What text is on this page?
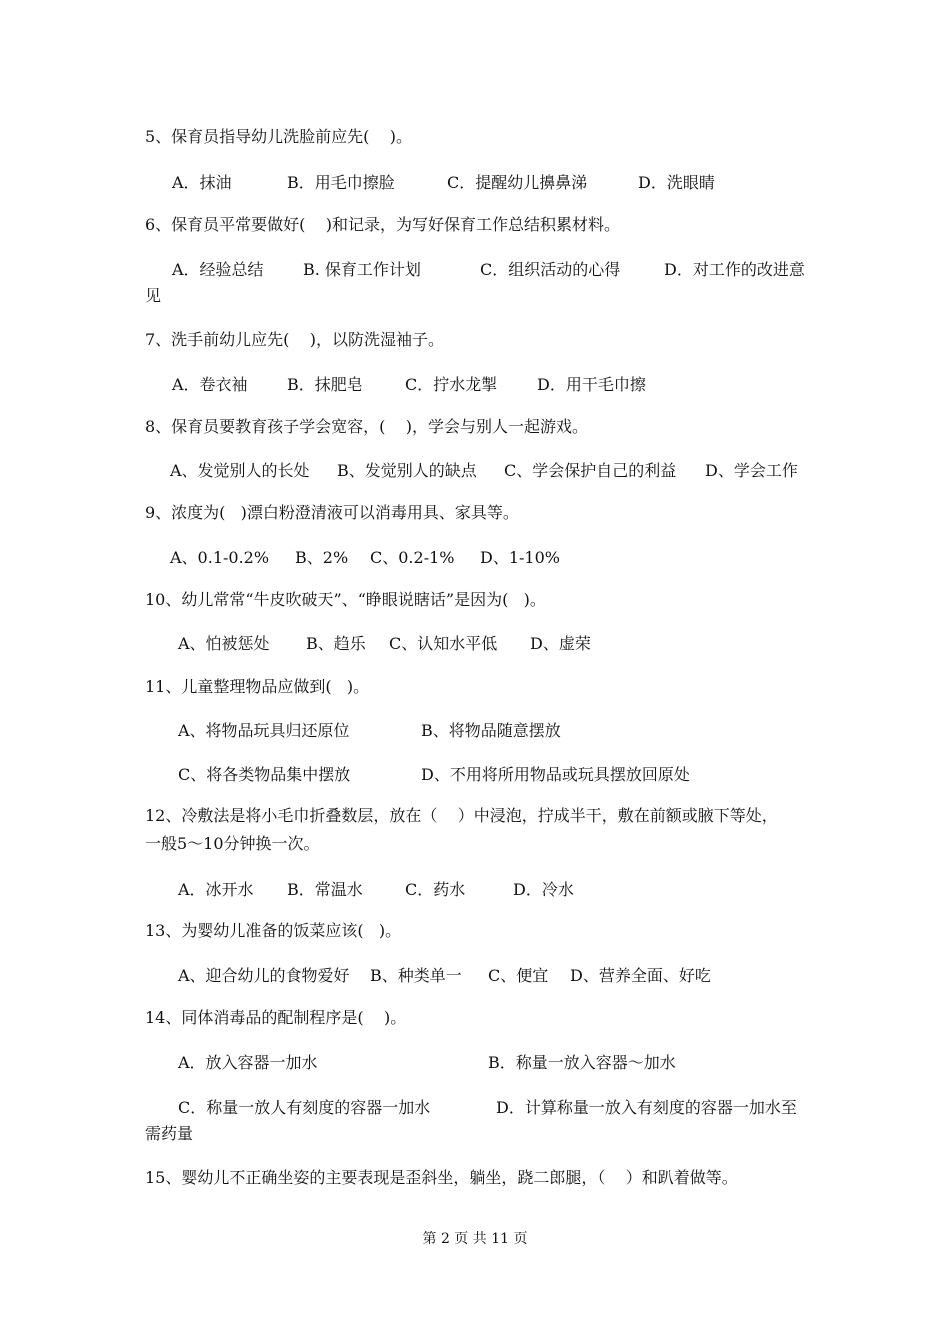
5、保育员指导幼儿洗脸前应先(    )。
A．抹油	B．用毛巾擦脸	C．提醒幼儿擤鼻涕	D．洗眼睛
6、保育员平常要做好(    )和记录，为写好保育工作总结积累材料。
A．经验总结 B. 保育工作计划	C．组织活动的心得	D．对工作的改进意
见
7、洗手前幼儿应先(    )，以防洗湿袖子。
A．卷衣袖 B．抹肥皂	C．拧水龙掣 D．用干毛巾擦
8、保育员要教育孩子学会宽容，(    )，学会与别人一起游戏。
A、发觉别人的长处 B、发觉别人的缺点 C、学会保护自己的利益 D、学会工作
9、浓度为(   )漂白粉澄清液可以消毒用具、家具等。
A、0.1-0.2% B、2% C、0.2-1% D、1-10%
10、幼儿常常“牛皮吹破天”、“睁眼说瞎话”是因为(   )。
A、怕被惩处 B、趋乐 C、认知水平低 D、虚荣
11、儿童整理物品应做到(   )。
A、将物品玩具归还原位	B、将物品随意摆放
C、将各类物品集中摆放	D、不用将所用物品或玩具摆放回原处
12、冷敷法是将小毛巾折叠数层，放在（    ）中浸泡，拧成半干，敷在前额或腋下等处，
一般5～10分钟换一次。
A．冰开水 B．常温水	C．药水	D．冷水
13、为婴幼儿准备的饭菜应该(   )。
A、迎合幼儿的食物爱好 B、种类单一 C、便宜 D、营养全面、好吃
14、同体消毒品的配制程序是(    )。
A．放入容器一加水	B．称量一放入容器～加水
C．称量一放人有刻度的容器一加水	D．计算称量一放入有刻度的容器一加水至
需药量
15、婴幼儿不正确坐姿的主要表现是歪斜坐，躺坐，跷二郎腿，（    ）和趴着做等。
第 2 页 共 11 页
